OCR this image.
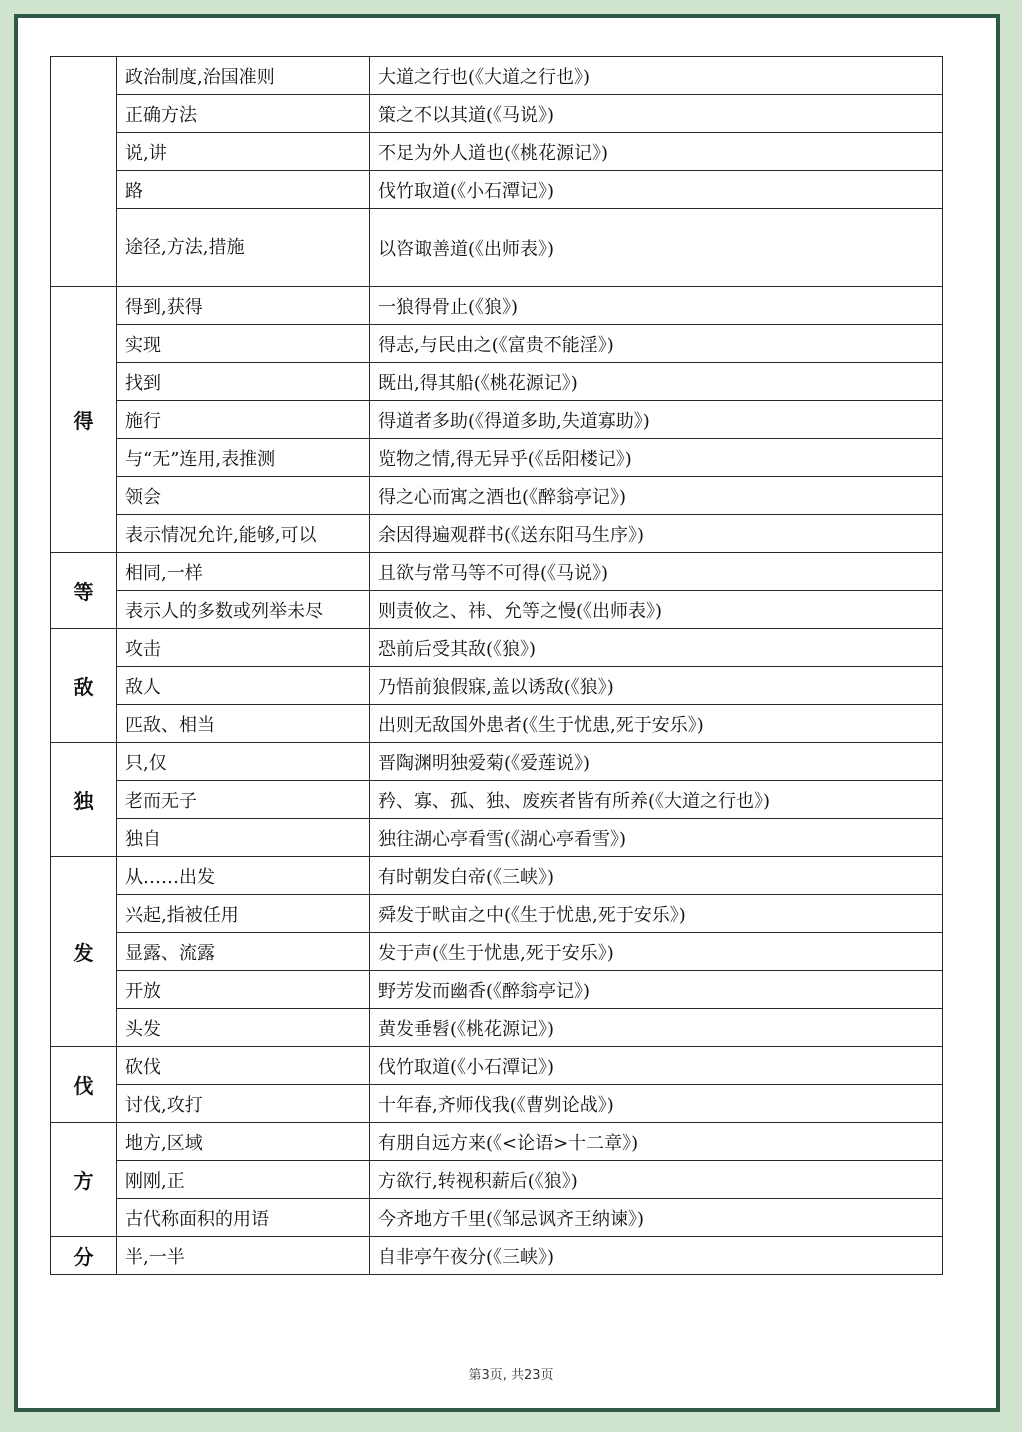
	政治制度,治国准则	大道之行也(《大道之行也》)
	正确方法	策之不以其道(《马说》)
	说,讲	不足为外人道也(《桃花源记》)
	路	伐竹取道(《小石潭记》)
	途径,方法,措施	以咨诹善道(《出师表》)
得	得到,获得	一狼得骨止(《狼》)
	实现	得志,与民由之(《富贵不能淫》)
	找到	既出,得其船(《桃花源记》)
	施行	得道者多助(《得道多助,失道寡助》)
	与“无”连用,表推测	览物之情,得无异乎(《岳阳楼记》)
	领会	得之心而寓之酒也(《醉翁亭记》)
	表示情况允许,能够,可以	余因得遍观群书(《送东阳马生序》)
等	相同,一样	且欲与常马等不可得(《马说》)
	表示人的多数或列举未尽	则责攸之、祎、允等之慢(《出师表》)
敌	攻击	恐前后受其敌(《狼》)
	敌人	乃悟前狼假寐,盖以诱敌(《狼》)
	匹敌、相当	出则无敌国外患者(《生于忧患,死于安乐》)
独	只,仅	晋陶渊明独爱菊(《爱莲说》)
	老而无子	矜、寡、孤、独、废疾者皆有所养(《大道之行也》)
	独自	独往湖心亭看雪(《湖心亭看雪》)
发	从……出发	有时朝发白帝(《三峡》)
	兴起,指被任用	舜发于畎亩之中(《生于忧患,死于安乐》)
	显露、流露	发于声(《生于忧患,死于安乐》)
	开放	野芳发而幽香(《醉翁亭记》)
	头发	黄发垂髫(《桃花源记》)
伐	砍伐	伐竹取道(《小石潭记》)
	讨伐,攻打	十年春,齐师伐我(《曹刿论战》)
方	地方,区域	有朋自远方来(《<论语>十二章》)
	刚刚,正	方欲行,转视积薪后(《狼》)
	古代称面积的用语	今齐地方千里(《邹忌讽齐王纳谏》)
分	半,一半	自非亭午夜分(《三峡》)
第3页, 共23页
